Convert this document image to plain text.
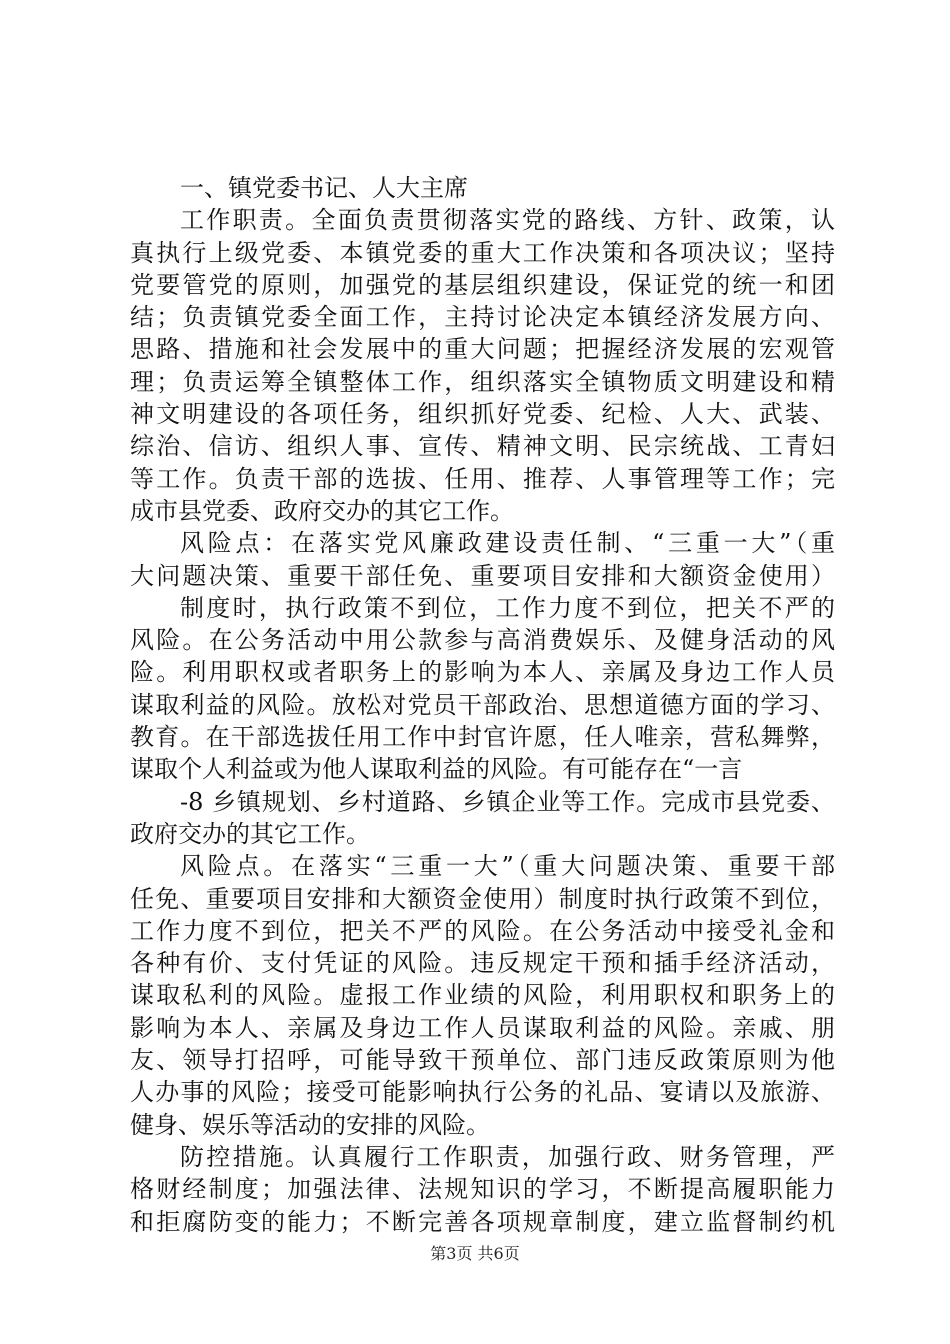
一、镇党委书记、人大主席
工作职责。全面负责贯彻落实党的路线、方针、政策，认
真执行上级党委、本镇党委的重大工作决策和各项决议；坚持
党要管党的原则，加强党的基层组织建设，保证党的统一和团
结；负责镇党委全面工作，主持讨论决定本镇经济发展方向、
思路、措施和社会发展中的重大问题；把握经济发展的宏观管
理；负责运筹全镇整体工作，组织落实全镇物质文明建设和精
神文明建设的各项任务，组织抓好党委、纪检、人大、武装、
综治、信访、组织人事、宣传、精神文明、民宗统战、工青妇
等工作。负责干部的选拔、任用、推荐、人事管理等工作；完
成市县党委、政府交办的其它工作。
风险点：在落实党风廉政建设责任制、“三重一大”（重
大问题决策、重要干部任免、重要项目安排和大额资金使用）
制度时，执行政策不到位，工作力度不到位，把关不严的
风险。在公务活动中用公款参与高消费娱乐、及健身活动的风
险。利用职权或者职务上的影响为本人、亲属及身边工作人员
谋取利益的风险。放松对党员干部政治、思想道德方面的学习、
教育。在干部选拔任用工作中封官许愿，任人唯亲，营私舞弊，
谋取个人利益或为他人谋取利益的风险。有可能存在“一言
-8 乡镇规划、乡村道路、乡镇企业等工作。完成市县党委、
政府交办的其它工作。
风险点。在落实“三重一大”（重大问题决策、重要干部
任免、重要项目安排和大额资金使用）制度时执行政策不到位，
工作力度不到位，把关不严的风险。在公务活动中接受礼金和
各种有价、支付凭证的风险。违反规定干预和插手经济活动，
谋取私利的风险。虚报工作业绩的风险，利用职权和职务上的
影响为本人、亲属及身边工作人员谋取利益的风险。亲戚、朋
友、领导打招呼，可能导致干预单位、部门违反政策原则为他
人办事的风险；接受可能影响执行公务的礼品、宴请以及旅游、
健身、娱乐等活动的安排的风险。
防控措施。认真履行工作职责，加强行政、财务管理，严
格财经制度；加强法律、法规知识的学习，不断提高履职能力
和拒腐防变的能力；不断完善各项规章制度，建立监督制约机
第3页 共6页
